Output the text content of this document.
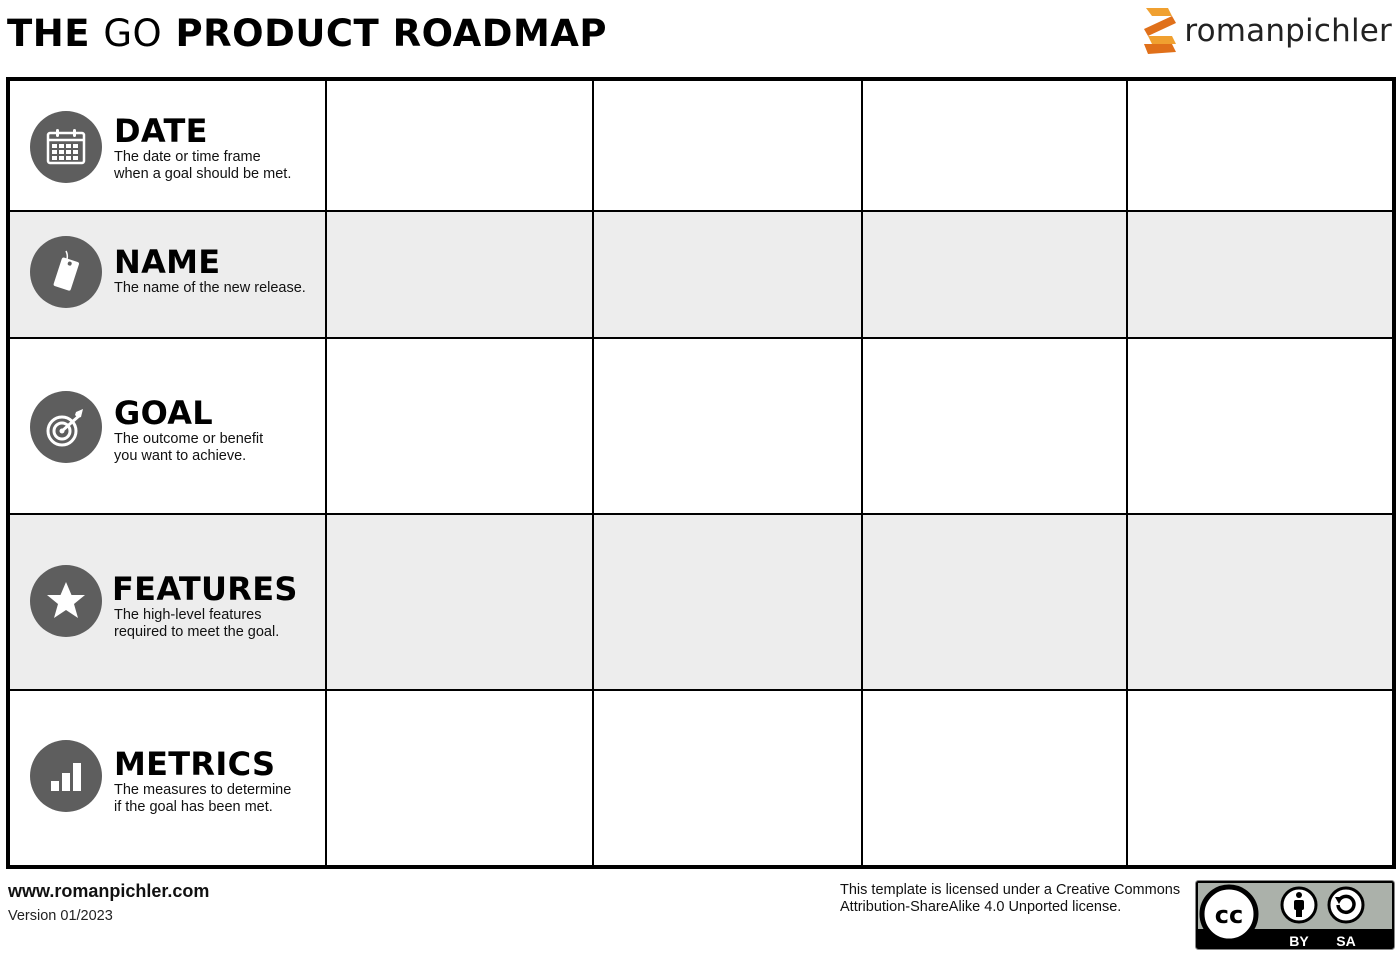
THE GO PRODUCT ROADMAP	romanpichler
DATE
The date or time frame
when a goal should be met.
NAME
The name of the new release.
GOAL
The outcome or benefit
you want to achieve.
FEATURES
The high-level features
required to meet the goal.
METRICS
The measures to determine
if the goal has been met.
www.romanpichler.com
Version 01/2023
This template is licensed under a Creative Commons
Attribution-ShareAlike 4.0 Unported license.	cc
BY SA
